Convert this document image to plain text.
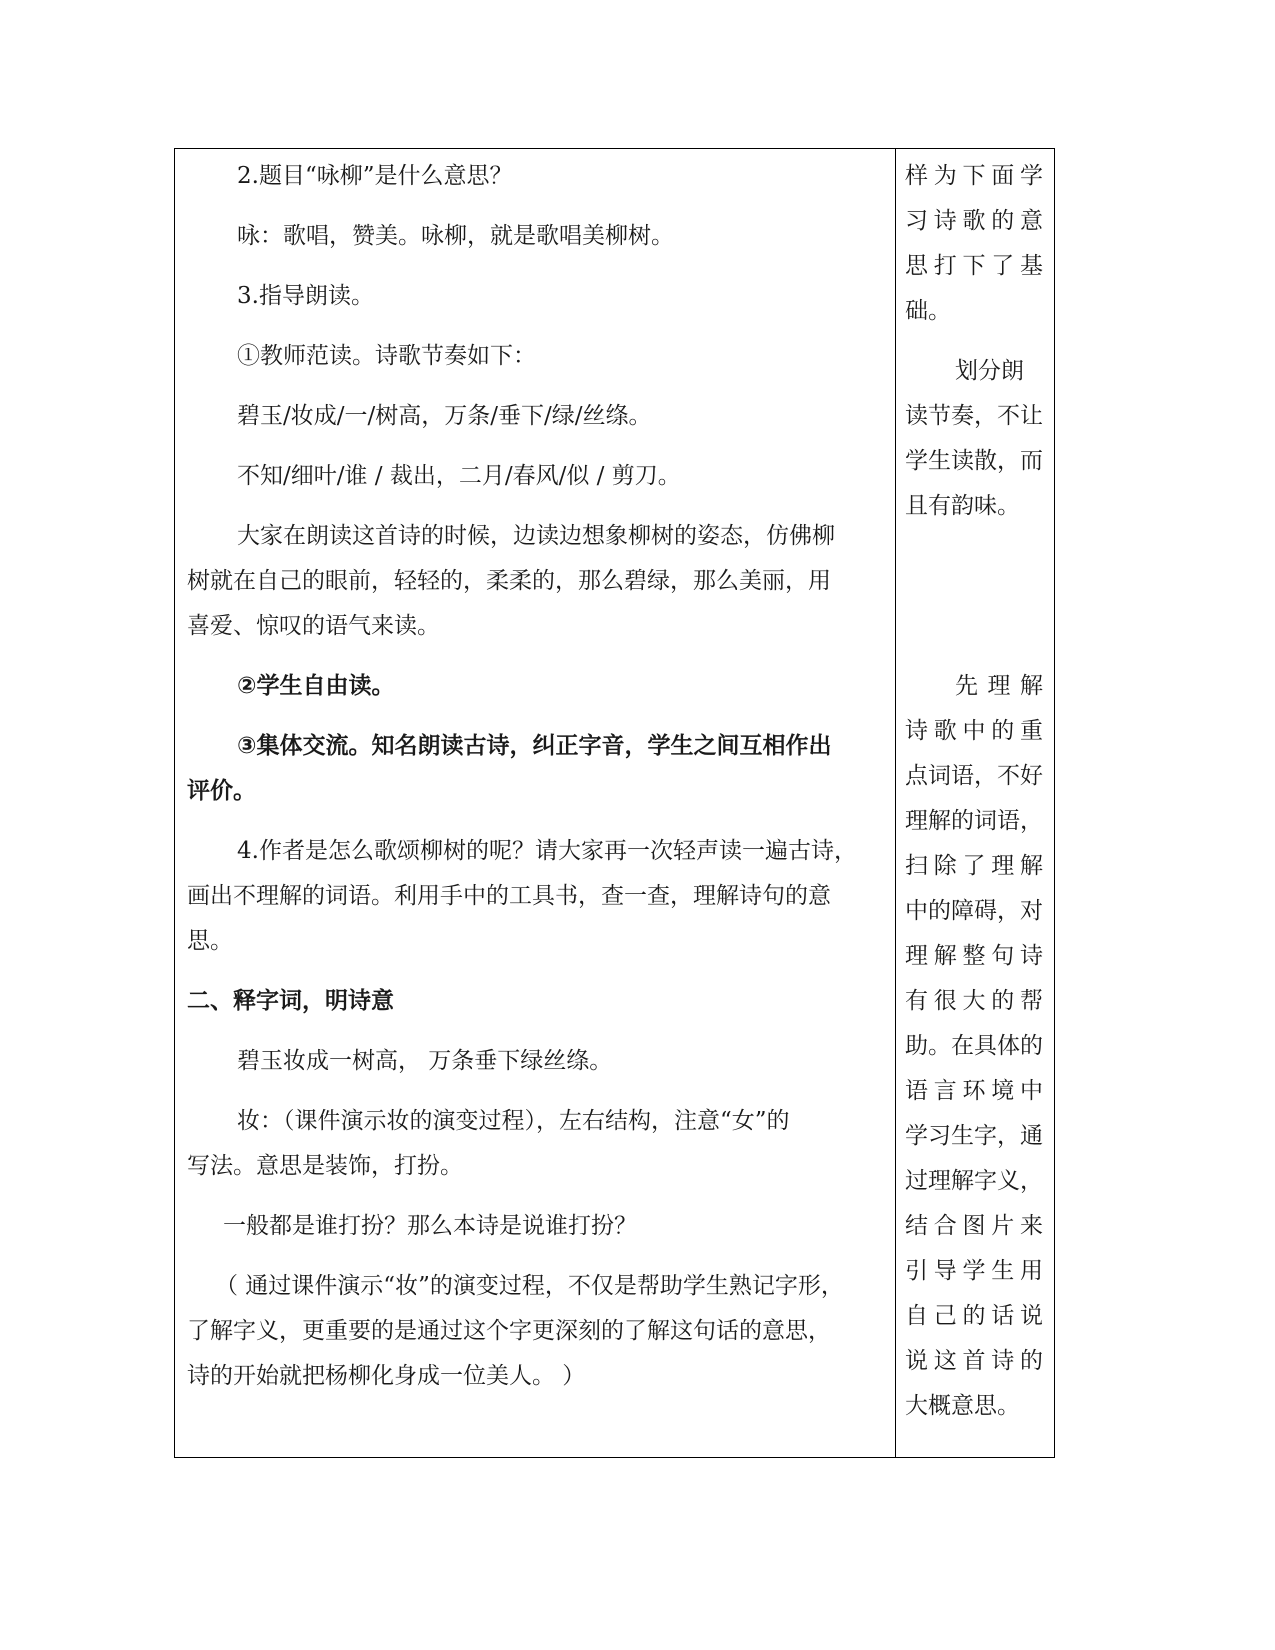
2.题目“咏柳”是什么意思？
咏：歌唱，赞美。咏柳，就是歌唱美柳树。
3.指导朗读。
①教师范读。诗歌节奏如下：
碧玉/妆成/一/树高，万条/垂下/绿/丝绦。
不知/细叶/谁 / 裁出，二月/春风/似 / 剪刀。
大家在朗读这首诗的时候，边读边想象柳树的姿态，仿佛柳
树就在自己的眼前，轻轻的，柔柔的，那么碧绿，那么美丽，用
喜爱、惊叹的语气来读。
②学生自由读。
③集体交流。知名朗读古诗，纠正字音，学生之间互相作出
评价。
4.作者是怎么歌颂柳树的呢？请大家再一次轻声读一遍古诗，
画出不理解的词语。利用手中的工具书，查一查，理解诗句的意
思。
二、释字词，明诗意
碧玉妆成一树高， 万条垂下绿丝绦。
妆：（课件演示妆的演变过程），左右结构，注意“女”的
写法。意思是装饰，打扮。
一般都是谁打扮？那么本诗是说谁打扮？
（ 通过课件演示“妆”的演变过程，不仅是帮助学生熟记字形，
了解字义，更重要的是通过这个字更深刻的了解这句话的意思，
诗的开始就把杨柳化身成一位美人。 ）
样 为 下 面 学
习 诗 歌 的 意
思 打 下 了 基
础。
划分朗
读节奏，不让
学生读散，而
且有韵味。
先 理 解
诗 歌 中 的 重
点词语，不好
理解的词语，
扫 除 了 理 解
中的障碍，对
理 解 整 句 诗
有 很 大 的 帮
助。在具体的
语 言 环 境 中
学习生字，通
过理解字义，
结 合 图 片 来
引 导 学 生 用
自 己 的 话 说
说 这 首 诗 的
大概意思。
